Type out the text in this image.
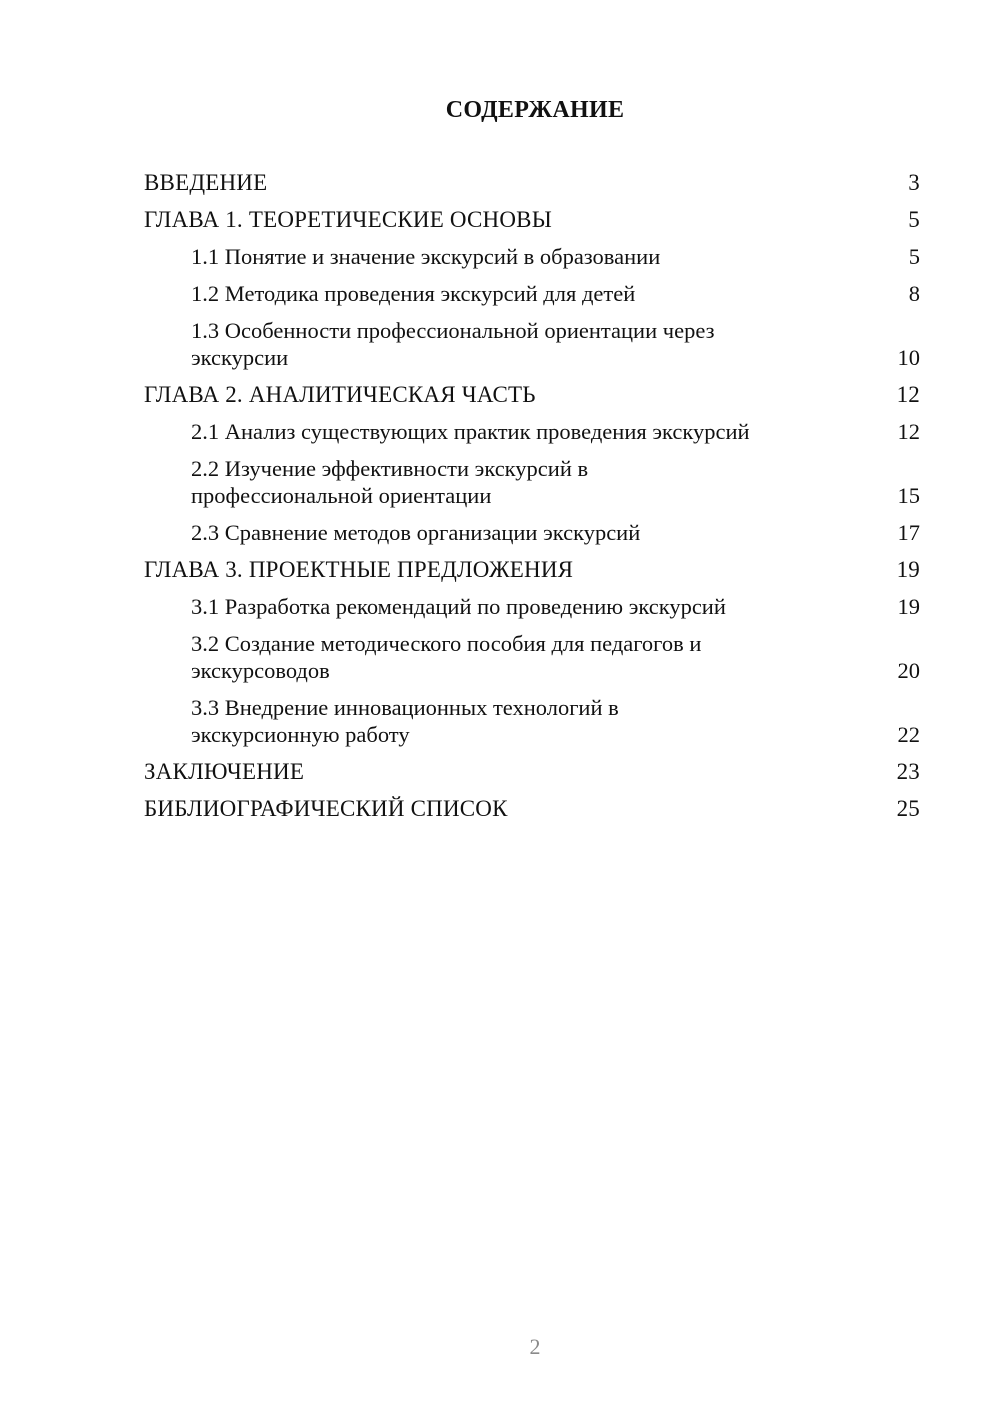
СОДЕРЖАНИЕ
ВВЕДЕНИЕ	3
ГЛАВА 1. ТЕОРЕТИЧЕСКИЕ ОСНОВЫ	5
1.1 Понятие и значение экскурсий в образовании	5
1.2 Методика проведения экскурсий для детей	8
1.3 Особенности профессиональной ориентации через
экскурсии	10
ГЛАВА 2. АНАЛИТИЧЕСКАЯ ЧАСТЬ	12
2.1 Анализ существующих практик проведения экскурсий	12
2.2 Изучение эффективности экскурсий в
профессиональной ориентации	15
2.3 Сравнение методов организации экскурсий	17
ГЛАВА 3. ПРОЕКТНЫЕ ПРЕДЛОЖЕНИЯ	19
3.1 Разработка рекомендаций по проведению экскурсий	19
3.2 Создание методического пособия для педагогов и
экскурсоводов	20
3.3 Внедрение инновационных технологий в
экскурсионную работу	22
ЗАКЛЮЧЕНИЕ	23
БИБЛИОГРАФИЧЕСКИЙ СПИСОК	25
2
